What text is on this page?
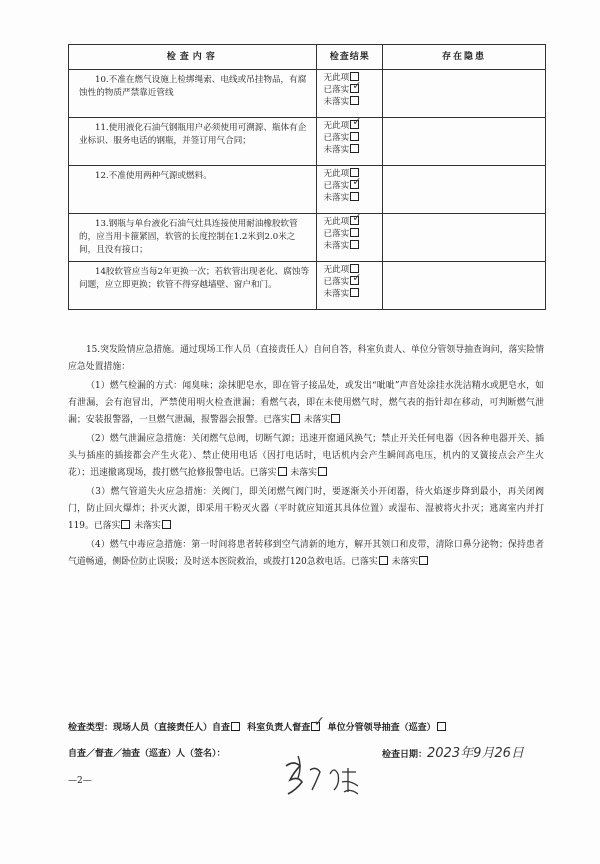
检查内容	检查结果	存在隐患
10.不准在燃气设施上检绑绳索、电线或吊挂物品，有腐蚀性的物质严禁靠近管线	无此项
已落实 ✓
未落实	

11.使用液化石油气钢瓶用户必须使用可溯源、瓶体有企业标识、服务电话的钢瓶，并签订用气合同；	无此项 ✓
已落实
未落实	

12.不准使用两种气源或燃料。	无此项
已落实 ✓
未落实	

13.钢瓶与单台液化石油气灶具连接使用耐油橡胶软管的，应当用卡箍紧固，软管的长度控制在1.2米到2.0米之间，且没有接口；	无此项 ✓
已落实
未落实	

14胶软管应当每2年更换一次；若软管出现老化、腐蚀等问题，应立即更换；软管不得穿越墙壁、窗户和门。	无此项
已落实 ✓
未落实	

15.突发险情应急措施。通过现场工作人员（直接责任人）自问自答，科室负责人、单位分管领导抽查询问，落实险情应急处置措施：

（1）燃气检漏的方式：闻臭味；涂抹肥皂水，即在管子接品处，或发出“呲呲”声音处涂挂水洗洁精水或肥皂水，如有泄漏，会有泡冒出，严禁使用明火检查泄漏；看燃气表，即在未使用燃气时，燃气表的指针却在移动，可判断燃气泄漏；安装报警器，一旦燃气泄漏，报警器会报警。已落实 未落实

（2）燃气泄漏应急措施：关闭燃气总阀，切断气源；迅速开窗通风换气；禁止开关任何电器（因各种电器开关、插头与插座的插接都会产生火花）、禁止使用电话（因打电话时，电话机内会产生瞬间高电压，机内的叉簧接点会产生火花）；迅速撤离现场，拨打燃气抢修报警电话。已落实 未落实

（3）燃气管道失火应急措施：关阀门，即关闭燃气阀门时，要逐渐关小开闭器，待火焰逐步降到最小，再关闭阀门，防止回火爆炸；扑灭火源，即采用干粉灭火器（平时就应知道其具体位置）或湿布、湿被将火扑灭；逃离室内并打119。已落实 未落实

（4）燃气中毒应急措施：第一时间将患者转移到空气清新的地方，解开其领口和皮带，清除口鼻分泌物；保持患者气道畅通，侧卧位防止误吸；及时送本医院救治，或拨打120急救电话。已落实 未落实

检查类型：现场人员（直接责任人）自查 科室负责人督查 ✓ 单位分管领导抽查（巡查）
自查／督查／抽查（巡查）人（签名）：	检查日期：2023年9月26日
—2—
